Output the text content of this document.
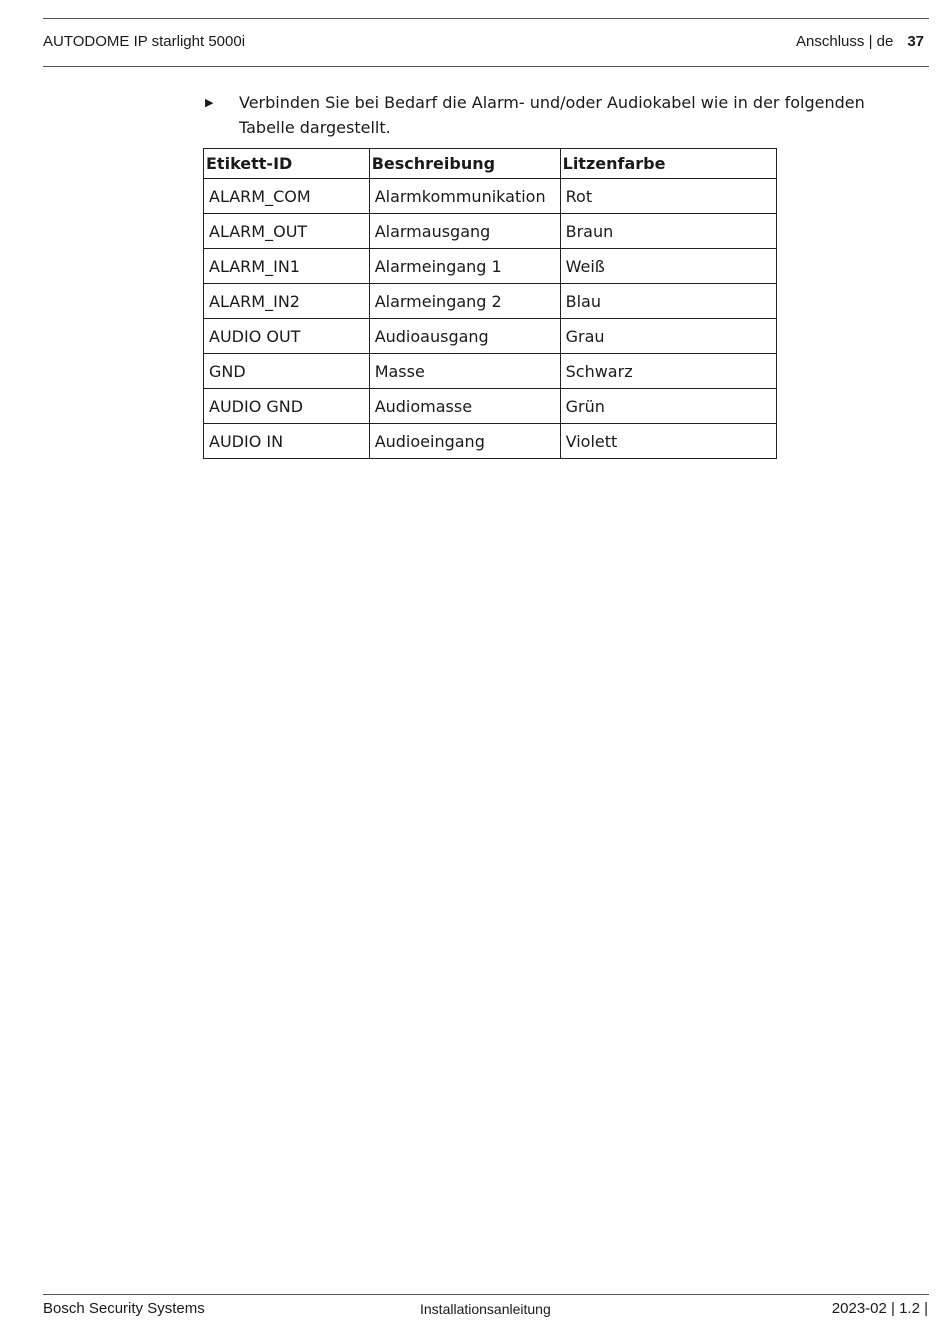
AUTODOME IP starlight 5000i	Anschluss | de 37
▶ Verbinden Sie bei Bedarf die Alarm- und/oder Audiokabel wie in der folgenden Tabelle dargestellt.
Etikett-ID	Beschreibung	Litzenfarbe
ALARM_COM	Alarmkommunikation	Rot
ALARM_OUT	Alarmausgang	Braun
ALARM_IN1	Alarmeingang 1	Weiß
ALARM_IN2	Alarmeingang 2	Blau
AUDIO OUT	Audioausgang	Grau
GND	Masse	Schwarz
AUDIO GND	Audiomasse	Grün
AUDIO IN	Audioeingang	Violett
Bosch Security Systems	Installationsanleitung	2023-02 | 1.2 |
